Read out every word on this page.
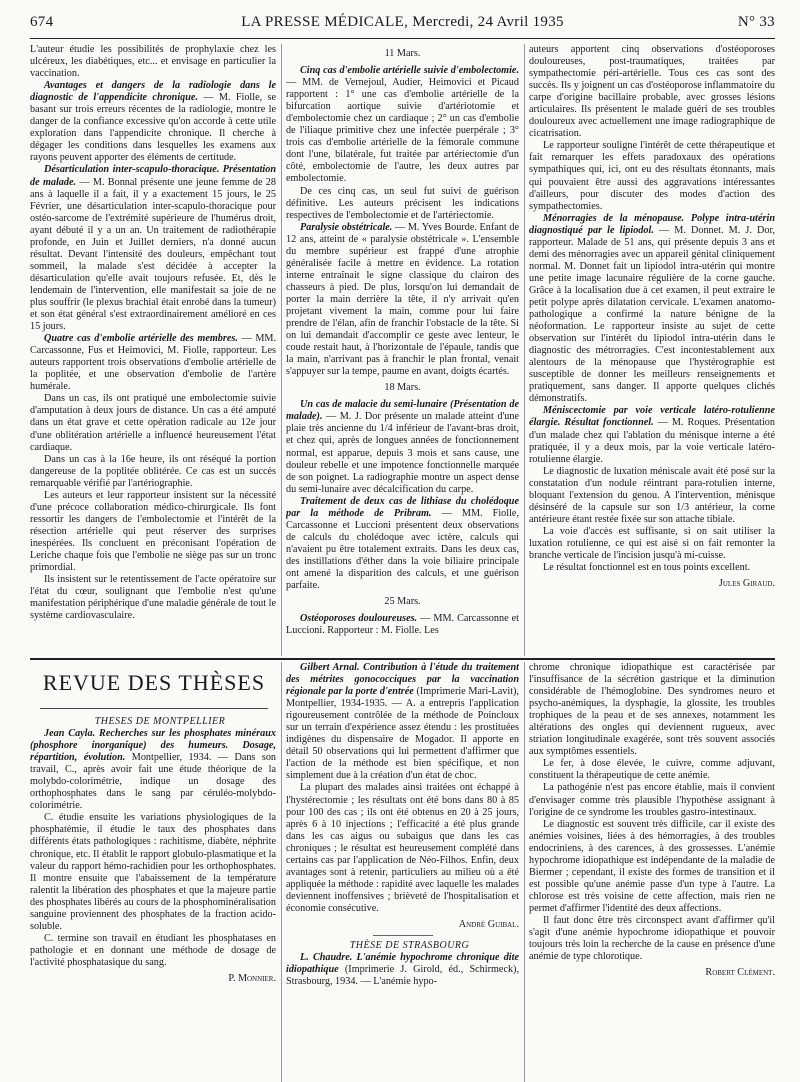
674	LA PRESSE MÉDICALE, Mercredi, 24 Avril 1935	N° 33

L'auteur étudie les possibilités de prophylaxie chez les ulcéreux, les diabétiques, etc... et envisage en particulier la vaccination.

Avantages et dangers de la radiologie dans le diagnostic de l'appendicite chronique. — M. Fiolle, se basant sur trois erreurs récentes de la radiologie, montre le danger de la confiance excessive qu'on accorde à cette utile exploration dans l'appendicite chronique. Il cherche à dégager les conditions dans lesquelles les examens aux rayons peuvent apporter des éléments de certitude.

Désarticulation inter-scapulo-thoracique. Présentation de malade. — M. Bonnal présente une jeune femme de 28 ans à laquelle il a fait, il y a exactement 15 jours, le 25 Février, une désarticulation inter-scapulo-thoracique pour ostéo-sarcome de l'extrémité supérieure de l'humérus droit, ayant débuté il y a un an. Un traitement de radiothérapie profonde, en Juin et Juillet derniers, n'a donné aucun résultat. Devant l'intensité des douleurs, empêchant tout sommeil, la malade s'est décidée à accepter la désarticulation qu'elle avait toujours refusée. Et, dès le lendemain de l'intervention, elle manifestait sa joie de ne plus souffrir (le plexus brachial était enrobé dans la tumeur) et son état général s'est extraordinairement amélioré en ces 15 jours.

Quatre cas d'embolie artérielle des membres. — MM. Carcassonne, Fus et Heimovici, M. Fiolle, rapporteur. Les auteurs rapportent trois observations d'embolie artérielle de la poplitée, et une observation d'embolie de l'artère humérale.

Dans un cas, ils ont pratiqué une embolectomie suivie d'amputation à deux jours de distance. Un cas a été amputé dans un état grave et cette opération radicale au 12e jour d'une oblitération artérielle a influencé heureusement l'état cardiaque.

Dans un cas à la 16e heure, ils ont réséqué la portion dangereuse de la poplitée oblitérée. Ce cas est un succès remarquable vérifié par l'artériographie.

Les auteurs et leur rapporteur insistent sur la nécessité d'une précoce collaboration médico-chirurgicale. Ils font ressortir les dangers de l'embolectomie et l'intérêt de la résection artérielle qui peut réserver des surprises inespérées. Ils concluent en préconisant l'opération de Leriche chaque fois que l'embolie ne siège pas sur un tronc primordial.

Ils insistent sur le retentissement de l'acte opératoire sur l'état du cœur, soulignant que l'embolie n'est qu'une manifestation périphérique d'une maladie générale de tout le système cardiovasculaire.

11 Mars.

Cinq cas d'embolie artérielle suivie d'embolectomie. — MM. de Vernejoul, Audier, Heimovici et Picaud rapportent : 1° une cas d'embolie artérielle de la bifurcation aortique suivie d'artériotomie et d'embolectomie chez un cardiaque ; 2° un cas d'embolie de l'iliaque primitive chez une infectée puerpérale ; 3° trois cas d'embolie artérielle de la fémorale commune dont l'une, bilatérale, fut traitée par artériectomie d'un côté, embolectomie de l'autre, les deux autres par embolectomie.

De ces cinq cas, un seul fut suivi de guérison définitive. Les auteurs précisent les indications respectives de l'embolectomie et de l'artériectomie.

Paralysie obstétricale. — M. Yves Bourde. Enfant de 12 ans, atteint de « paralysie obstétricale ». L'ensemble du membre supérieur est frappé d'une atrophie généralisée facile à mettre en évidence. La rotation interne entraînait le signe classique du clairon des chasseurs à pied. De plus, lorsqu'on lui demandait de porter la main derrière la tête, il n'y arrivait qu'en projetant vivement la main, comme pour lui faire prendre de l'élan, afin de franchir l'obstacle de la tête. Si on lui demandait d'accomplir ce geste avec lenteur, le coude restait haut, à l'horizontale de l'épaule, tandis que la main, n'arrivant pas à franchir le plan frontal, venait s'appuyer sur la tempe, paume en avant, doigts écartés.

18 Mars.

Un cas de malacie du semi-lunaire (Présentation de malade). — M. J. Dor présente un malade atteint d'une plaie très ancienne du 1/4 inférieur de l'avant-bras droit, et chez qui, après de longues années de fonctionnement normal, est apparue, depuis 3 mois et sans cause, une douleur rebelle et une impotence fonctionnelle marquée de son poignet. La radiographie montre un aspect dense du semi-lunaire avec décalcification du carpe.

Traitement de deux cas de lithiase du cholédoque par la méthode de Pribram. — MM. Fiolle, Carcassonne et Luccioni présentent deux observations de calculs du cholédoque avec ictère, calculs qui n'avaient pu être totalement extraits. Dans les deux cas, des instillations d'éther dans la voie biliaire principale ont amené la disparition des calculs, et une guérison parfaite.

25 Mars.

Ostéoporoses douloureuses. — MM. Carcassonne et Luccioni. Rapporteur : M. Fiolle. Les

auteurs apportent cinq observations d'ostéoporoses douloureuses, post-traumatiques, traitées par sympathectomie péri-artérielle. Tous ces cas sont des succès. Ils y joignent un cas d'ostéoporose inflammatoire du carpe d'origine bacillaire probable, avec grosses lésions articulaires. Ils présentent le malade guéri de ses troubles douloureux avec actuellement une image radiographique de cicatrisation.

Le rapporteur souligne l'intérêt de cette thérapeutique et fait remarquer les effets paradoxaux des opérations sympathiques qui, ici, ont eu des résultats étonnants, mais qui pouvaient être aussi des aggravations intéressantes d'ailleurs, pour discuter des modes d'action des sympathectomies.

Ménorragies de la ménopause. Polype intra-utérin diagnostiqué par le lipiodol. — M. Donnet. M. J. Dor, rapporteur. Malade de 51 ans, qui présente depuis 3 ans et demi des ménorragies avec un appareil génital cliniquement normal. M. Donnet fait un lipiodol intra-utérin qui montre une petite image lacunaire régulière de la corne gauche. Grâce à la localisation due à cet examen, il peut extraire le petit polype après dilatation cervicale. L'examen anatomo-pathologique a confirmé la nature bénigne de la néoformation. Le rapporteur insiste au sujet de cette observation sur l'intérêt du lipiodol intra-utérin dans le diagnostic des métrorragies. C'est incontestablement aux alentours de la ménopause que l'hystérographie est susceptible de donner les meilleurs renseignements et pratiquement, sans danger. Il apporte quelques clichés démonstratifs.

Méniscectomie par voie verticale latéro-rotulienne élargie. Résultat fonctionnel. — M. Roques. Présentation d'un malade chez qui l'ablation du ménisque interne a été pratiquée, il y a deux mois, par la voie verticale latéro-rotulienne élargie.

Le diagnostic de luxation méniscale avait été posé sur la constatation d'un nodule réintrant para-rotulien interne, bloquant l'extension du genou. A l'intervention, ménisque désinséré de la capsule sur son 1/3 antérieur, la corne antérieure étant restée fixée sur son attache tibiale.

La voie d'accès est suffisante, si on sait utiliser la luxation rotulienne, ce qui est aisé si on fait remonter la branche verticale de l'incision jusqu'à mi-cuisse.

Le résultat fonctionnel est en tous points excellent.

Jules Giraud.

REVUE DES THÈSES

THÈSES DE MONTPELLIER

Jean Cayla. Recherches sur les phosphates minéraux (phosphore inorganique) des humeurs. Dosage, répartition, évolution. Montpellier, 1934. — Dans son travail, C., après avoir fait une étude théorique de la molybdo-colorimétrie, indique un dosage des orthophosphates dans le sang par céruléo-molybdo-colorimétrie.

C. étudie ensuite les variations physiologiques de la phosphatémie, il étudie le taux des phosphates dans différents états pathologiques : rachitisme, diabète, néphrite chronique, etc. Il établit le rapport globulo-plasmatique et la valeur du rapport hémo-rachidien pour les orthophosphates. Il montre ensuite que l'abaissement de la température ralentit la libération des phosphates et que la majeure partie des phosphates libérés au cours de la phosphominéralisation sanguine proviennent des phosphates de la fraction acido-soluble.

C. termine son travail en étudiant les phosphatases en pathologie et en donnant une méthode de dosage de l'activité phosphatasique du sang.

P. Monnier.

Gilbert Arnal. Contribution à l'étude du traitement des métrites gonococciques par la vaccination régionale par la porte d'entrée (Imprimerie Mari-Lavit), Montpellier, 1934-1935. — A. a entrepris l'application rigoureusement contrôlée de la méthode de Poincloux sur un terrain d'expérience assez étendu : les prostituées indigènes du dispensaire de Mogador. Il apporte en détail 50 observations qui lui permettent d'affirmer que l'action de la méthode est bien spécifique, et non simplement due à la création d'un état de choc.

La plupart des malades ainsi traitées ont échappé à l'hystérectomie ; les résultats ont été bons dans 80 à 85 pour 100 des cas ; ils ont été obtenus en 20 à 25 jours, après 6 à 10 injections ; l'efficacité a été plus grande dans les cas aigus ou subaigus que dans les cas chroniques ; le résultat est heureusement complété dans certains cas par l'application de Néo-Filhos. Enfin, deux avantages sont à retenir, particuliers au milieu où a été appliquée la méthode : rapidité avec laquelle les malades deviennent inoffensives ; brièveté de l'hospitalisation et économie consécutive.

André Guibal.

THÈSE DE STRASBOURG

L. Chaudre. L'anémie hypochrome chronique dite idiopathique (Imprimerie J. Girold, éd., Schirmeck), Strasbourg, 1934. — L'anémie hypo-

chrome chronique idiopathique est caractérisée par l'insuffisance de la sécrétion gastrique et la diminution considérable de l'hémoglobine. Des syndromes neuro et psycho-anémiques, la dysphagie, la glossite, les troubles trophiques de la peau et de ses annexes, notamment les altérations des ongles qui deviennent rugueux, avec striation longitudinale exagérée, sont très souvent associés aux symptômes essentiels.

Le fer, à dose élevée, le cuivre, comme adjuvant, constituent la thérapeutique de cette anémie.

La pathogénie n'est pas encore établie, mais il convient d'envisager comme très plausible l'hypothèse assignant à l'origine de ce syndrome les troubles gastro-intestinaux.

Le diagnostic est souvent très difficile, car il existe des anémies voisines, liées à des hémorragies, à des troubles endocriniens, à des carences, à des grossesses. L'anémie hypochrome idiopathique est indépendante de la maladie de Biermer ; cependant, il existe des formes de transition et il est possible qu'une anémie passe d'un type à l'autre. La chlorose est très voisine de cette affection, mais rien ne permet d'affirmer l'identité des deux affections.

Il faut donc être très circonspect avant d'affirmer qu'il s'agit d'une anémie hypochrome idiopathique et pouvoir toujours très loin la recherche de la cause en présence d'une anémie de type chlorotique.

Robert Clément.
